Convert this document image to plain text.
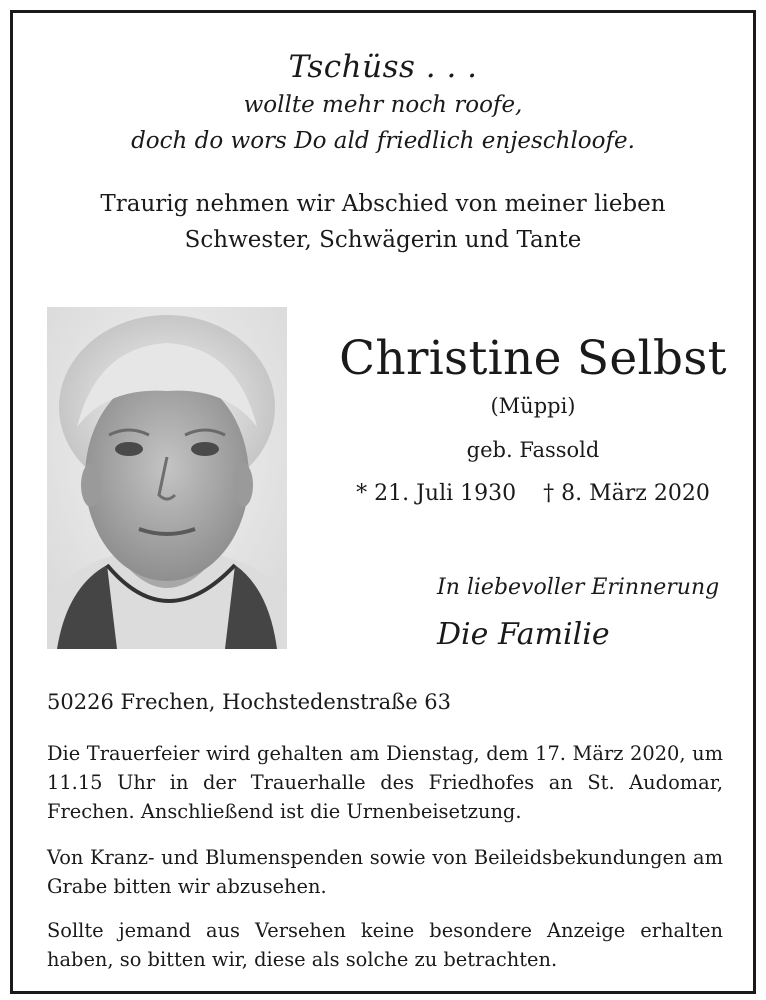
Tschüss . . .
wollte mehr noch roofe,
doch do wors Do ald friedlich enjeschloofe.
Traurig nehmen wir Abschied von meiner lieben
Schwester, Schwägerin und Tante
Christine Selbst
(Müppi)
geb. Fassold
* 21. Juli 1930 † 8. März 2020
In liebevoller Erinnerung
Die Familie
50226 Frechen, Hochstedenstraße 63
Die Trauerfeier wird gehalten am Dienstag, dem 17. März 2020, um 11.15 Uhr in der Trauerhalle des Friedhofes an St. Audomar, Frechen. Anschließend ist die Urnenbeisetzung.
Von Kranz- und Blumenspenden sowie von Beileidsbekundungen am Grabe bitten wir abzusehen.
Sollte jemand aus Versehen keine besondere Anzeige erhalten haben, so bitten wir, diese als solche zu betrachten.
